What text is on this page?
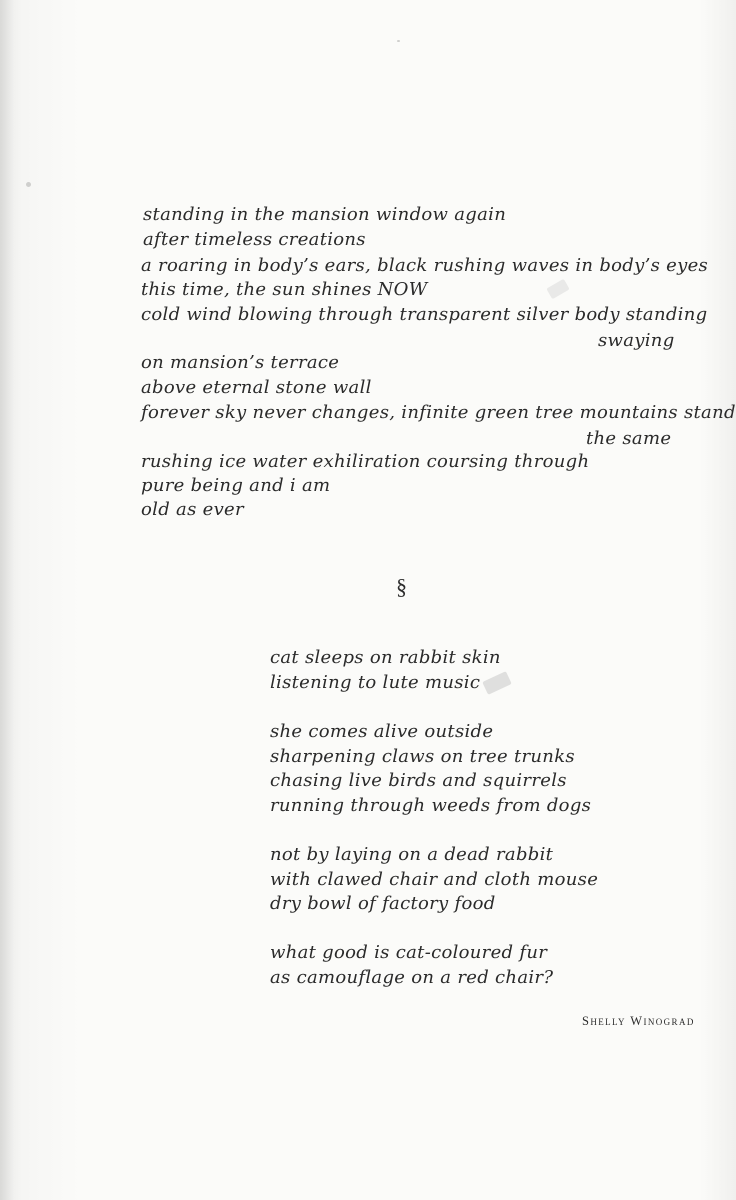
standing in the mansion window again
after timeless creations
a roaring in body’s ears, black rushing waves in body’s eyes
this time, the sun shines NOW
cold wind blowing through transparent silver body standing
swaying
on mansion’s terrace
above eternal stone wall
forever sky never changes, infinite green tree mountains stand
the same
rushing ice water exhiliration coursing through
pure being and i am
old as ever
§
cat sleeps on rabbit skin
listening to lute music
she comes alive outside
sharpening claws on tree trunks
chasing live birds and squirrels
running through weeds from dogs
not by laying on a dead rabbit
with clawed chair and cloth mouse
dry bowl of factory food
what good is cat-coloured fur
as camouflage on a red chair?
Shelly Winograd
